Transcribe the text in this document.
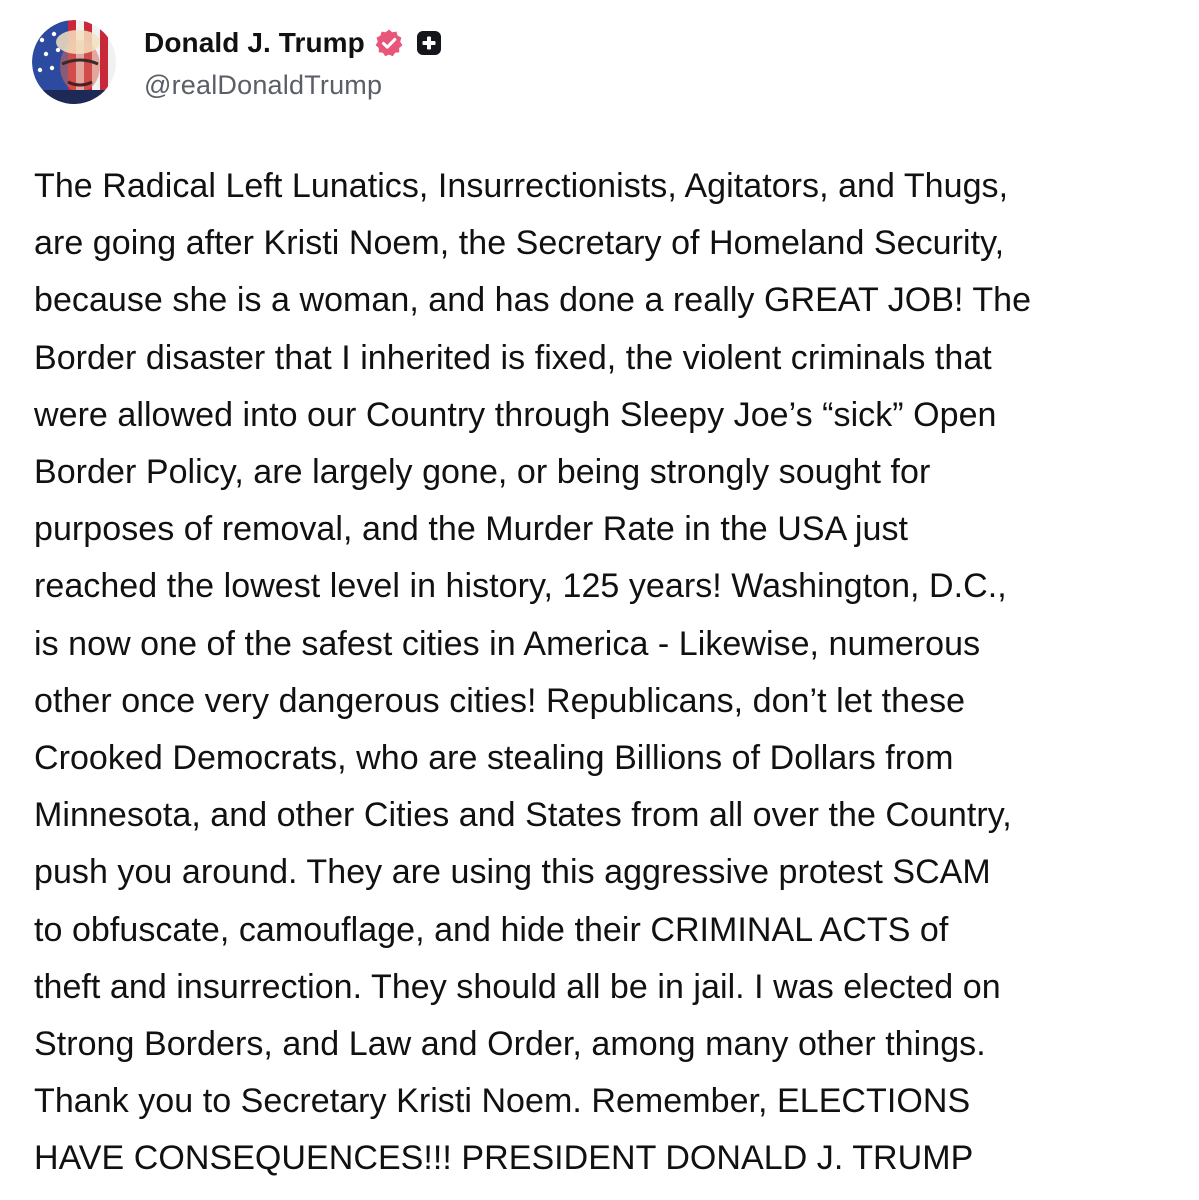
Donald J. Trump
@realDonaldTrump
The Radical Left Lunatics, Insurrectionists, Agitators, and Thugs,
are going after Kristi Noem, the Secretary of Homeland Security,
because she is a woman, and has done a really GREAT JOB! The
Border disaster that I inherited is fixed, the violent criminals that
were allowed into our Country through Sleepy Joe’s “sick” Open
Border Policy, are largely gone, or being strongly sought for
purposes of removal, and the Murder Rate in the USA just
reached the lowest level in history, 125 years! Washington, D.C.,
is now one of the safest cities in America - Likewise, numerous
other once very dangerous cities! Republicans, don’t let these
Crooked Democrats, who are stealing Billions of Dollars from
Minnesota, and other Cities and States from all over the Country,
push you around. They are using this aggressive protest SCAM
to obfuscate, camouflage, and hide their CRIMINAL ACTS of
theft and insurrection. They should all be in jail. I was elected on
Strong Borders, and Law and Order, among many other things.
Thank you to Secretary Kristi Noem. Remember, ELECTIONS
HAVE CONSEQUENCES!!! PRESIDENT DONALD J. TRUMP
